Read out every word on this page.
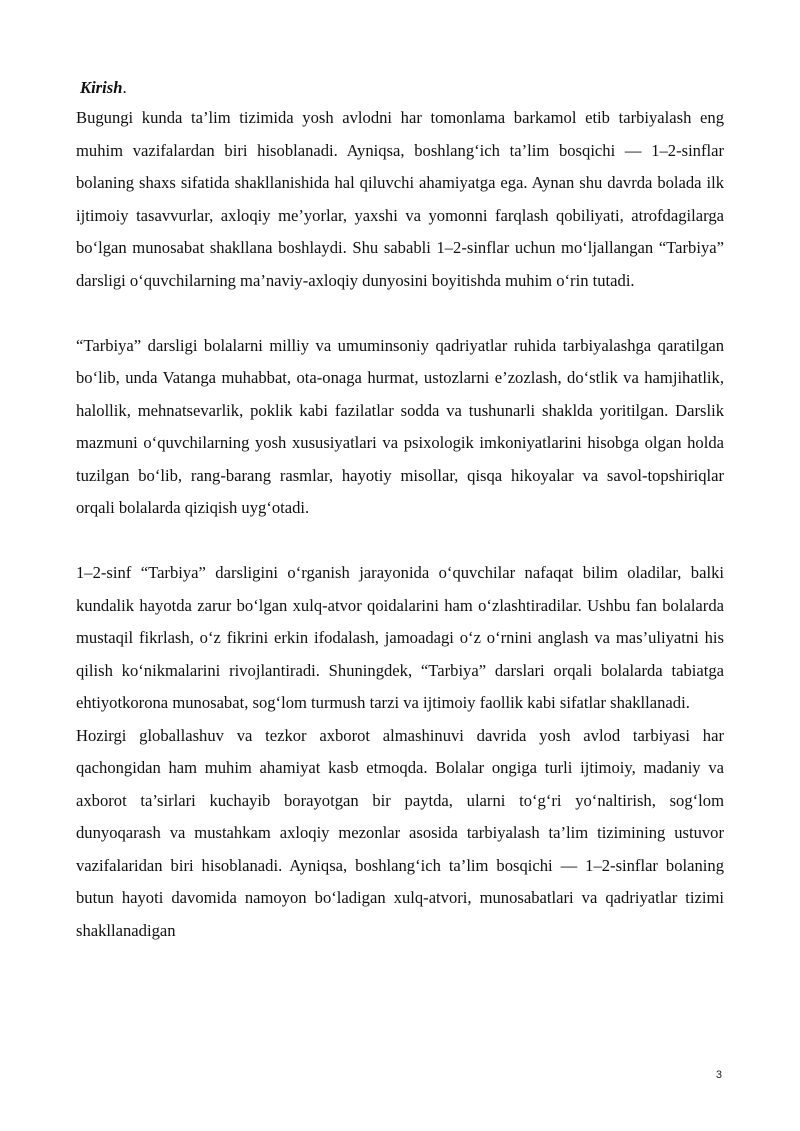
Kirish.

Bugungi kunda ta’lim tizimida yosh avlodni har tomonlama barkamol etib tarbiyalash eng muhim vazifalardan biri hisoblanadi. Ayniqsa, boshlang‘ich ta’lim bosqichi — 1–2-sinflar bolaning shaxs sifatida shakllanishida hal qiluvchi ahamiyatga ega. Aynan shu davrda bolada ilk ijtimoiy tasavvurlar, axloqiy me’yorlar, yaxshi va yomonni farqlash qobiliyati, atrofdagilarga bo‘lgan munosabat shakllana boshlaydi. Shu sababli 1–2-sinflar uchun mo‘ljallangan “Tarbiya” darsligi o‘quvchilarning ma’naviy-axloqiy dunyosini boyitishda muhim o‘rin tutadi.

“Tarbiya” darsligi bolalarni milliy va umuminsoniy qadriyatlar ruhida tarbiyalashga qaratilgan bo‘lib, unda Vatanga muhabbat, ota-onaga hurmat, ustozlarni e’zozlash, do‘stlik va hamjihatlik, halollik, mehnatsevarlik, poklik kabi fazilatlar sodda va tushunarli shaklda yoritilgan. Darslik mazmuni o‘quvchilarning yosh xususiyatlari va psixologik imkoniyatlarini hisobga olgan holda tuzilgan bo‘lib, rang-barang rasmlar, hayotiy misollar, qisqa hikoyalar va savol-topshiriqlar orqali bolalarda qiziqish uyg‘otadi.

1–2-sinf “Tarbiya” darsligini o‘rganish jarayonida o‘quvchilar nafaqat bilim oladilar, balki kundalik hayotda zarur bo‘lgan xulq-atvor qoidalarini ham o‘zlashtiradilar. Ushbu fan bolalarda mustaqil fikrlash, o‘z fikrini erkin ifodalash, jamoadagi o‘z o‘rnini anglash va mas’uliyatni his qilish ko‘nikmalarini rivojlantiradi. Shuningdek, “Tarbiya” darslari orqali bolalarda tabiatga ehtiyotkorona munosabat, sog‘lom turmush tarzi va ijtimoiy faollik kabi sifatlar shakllanadi.

Hozirgi globallashuv va tezkor axborot almashinuvi davrida yosh avlod tarbiyasi har qachongidan ham muhim ahamiyat kasb etmoqda. Bolalar ongiga turli ijtimoiy, madaniy va axborot ta’sirlari kuchayib borayotgan bir paytda, ularni to‘g‘ri yo‘naltirish, sog‘lom dunyoqarash va mustahkam axloqiy mezonlar asosida tarbiyalash ta’lim tizimining ustuvor vazifalaridan biri hisoblanadi. Ayniqsa, boshlang‘ich ta’lim bosqichi — 1–2-sinflar bolaning butun hayoti davomida namoyon bo‘ladigan xulq-atvori, munosabatlari va qadriyatlar tizimi shakllanadigan

3
